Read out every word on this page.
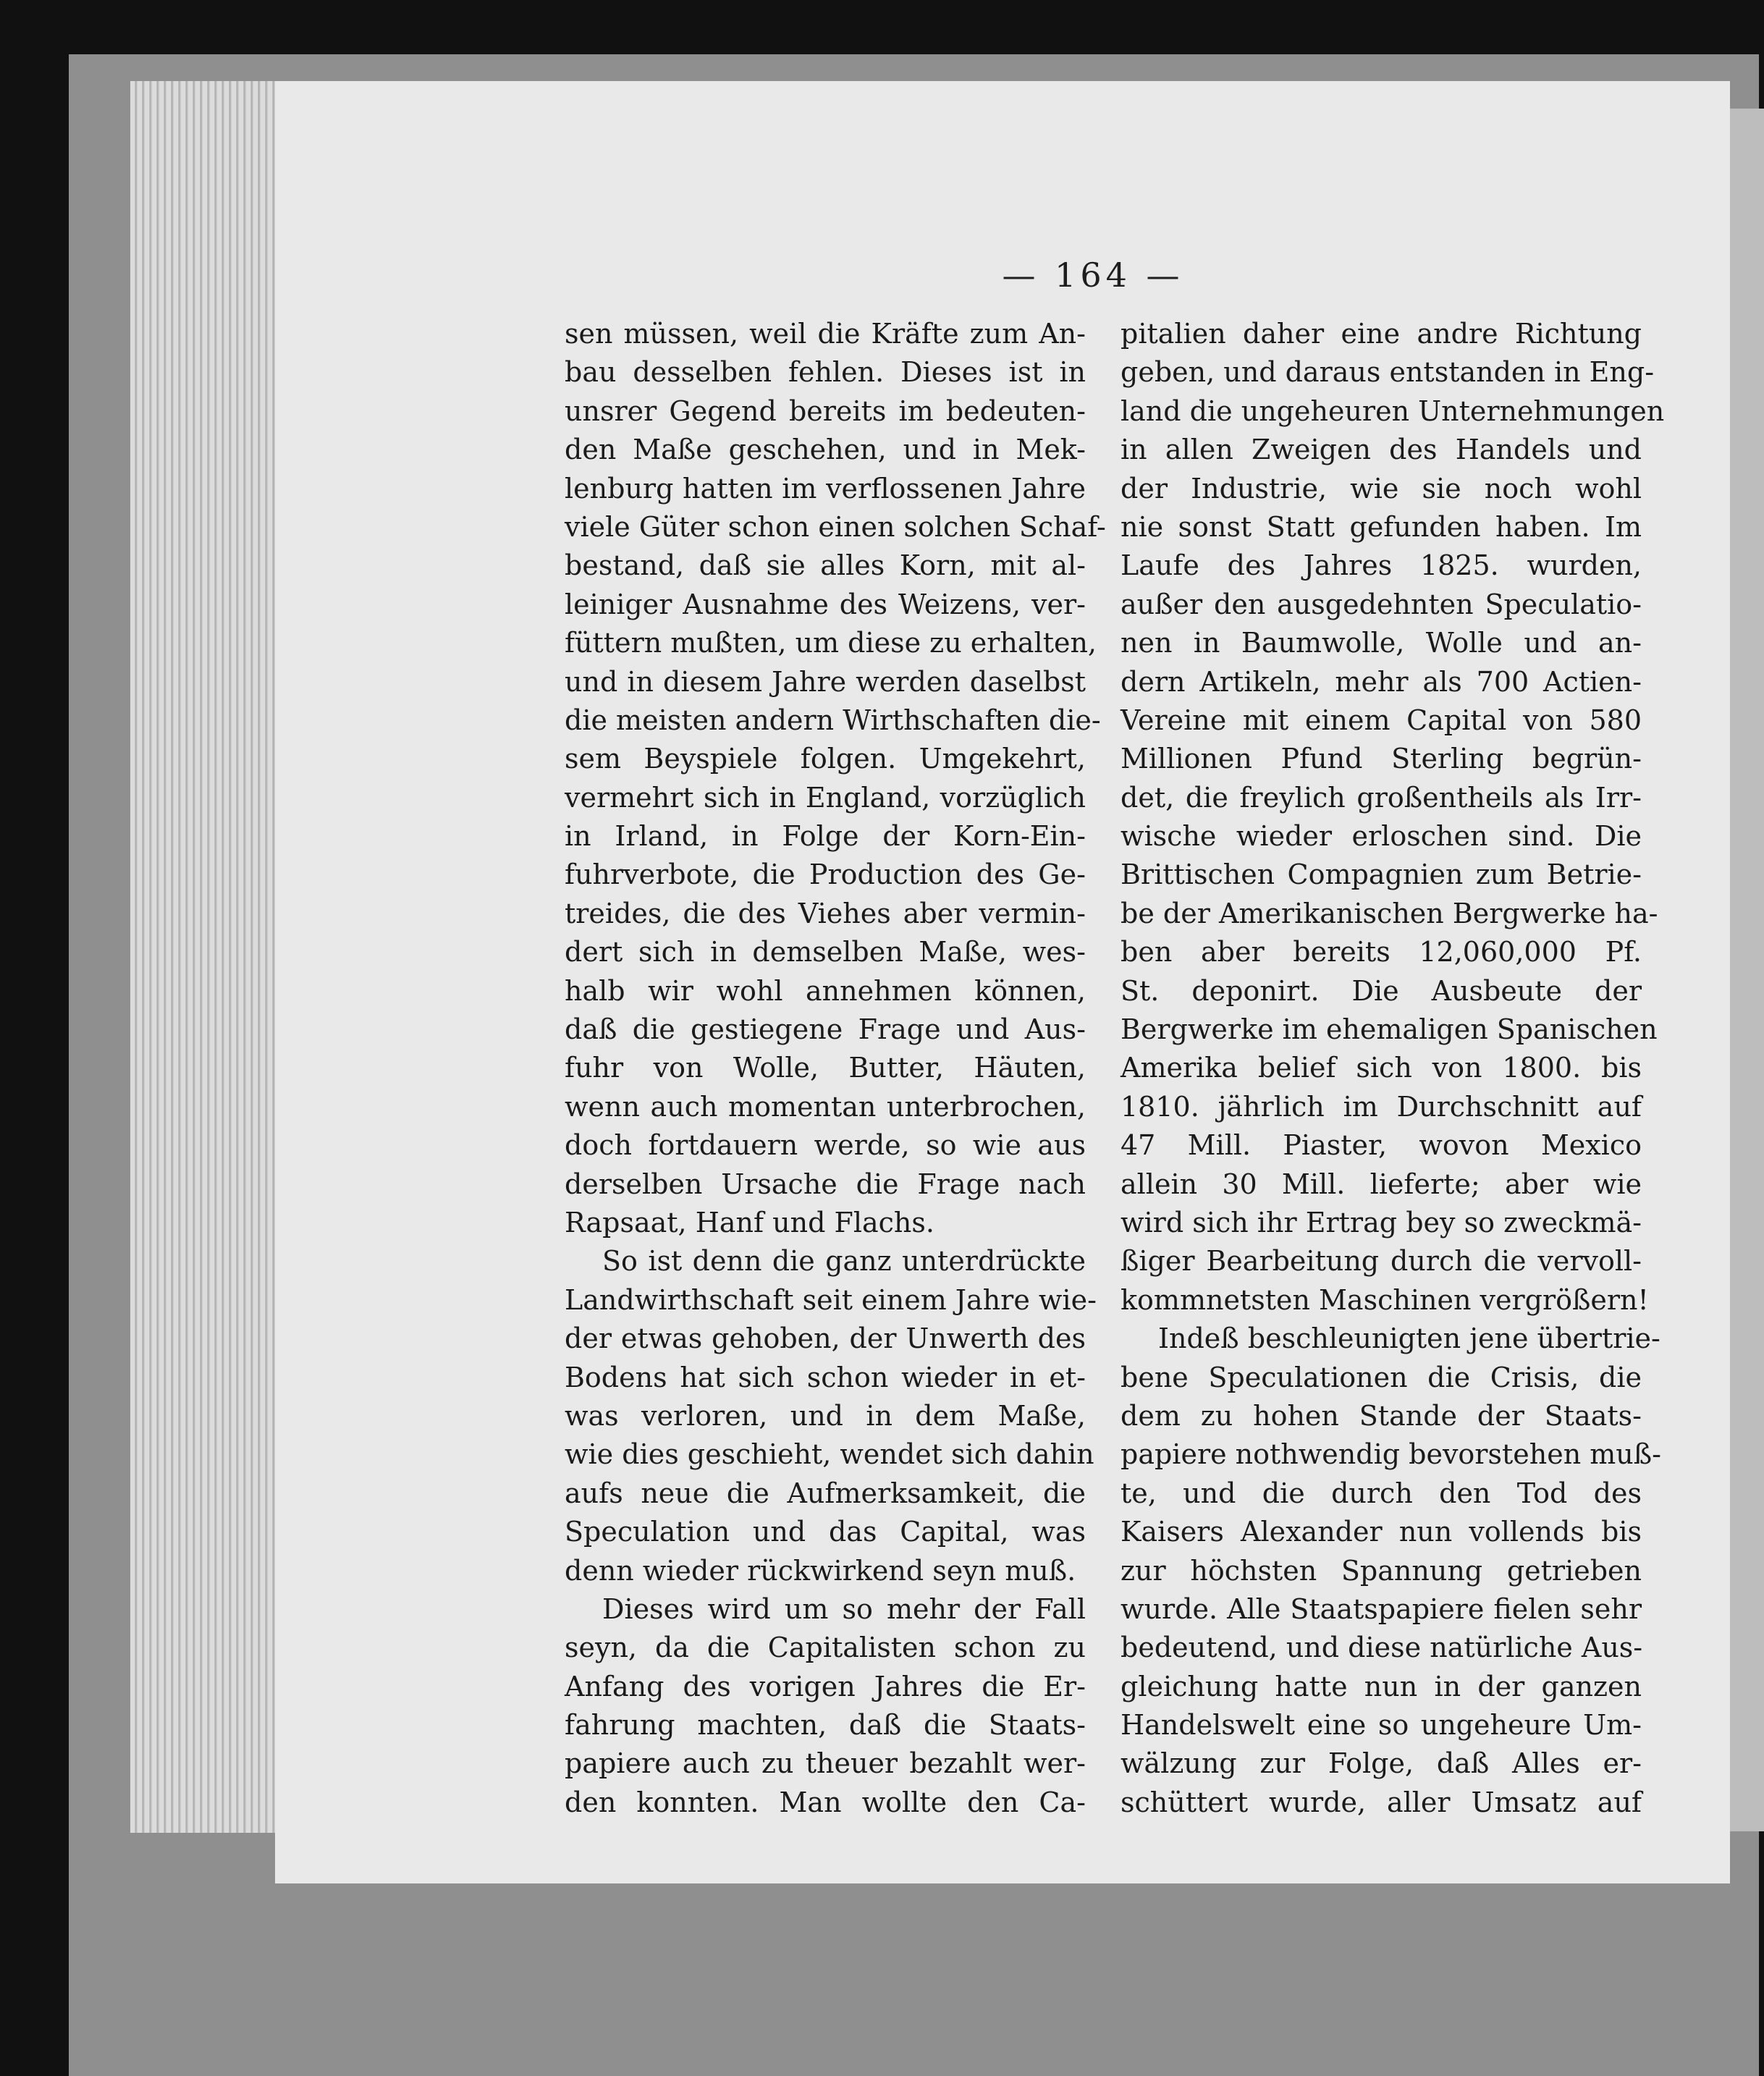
— 164 —
sen müssen, weil die Kräfte zum An-
bau desselben fehlen. Dieses ist in
unsrer Gegend bereits im bedeuten-
den Maße geschehen, und in Mek-
lenburg hatten im verflossenen Jahre
viele Güter schon einen solchen Schaf-
bestand, daß sie alles Korn, mit al-
leiniger Ausnahme des Weizens, ver-
füttern mußten, um diese zu erhalten,
und in diesem Jahre werden daselbst
die meisten andern Wirthschaften die-
sem Beyspiele folgen. Umgekehrt,
vermehrt sich in England, vorzüglich
in Irland, in Folge der Korn-Ein-
fuhrverbote, die Production des Ge-
treides, die des Viehes aber vermin-
dert sich in demselben Maße, wes-
halb wir wohl annehmen können,
daß die gestiegene Frage und Aus-
fuhr von Wolle, Butter, Häuten,
wenn auch momentan unterbrochen,
doch fortdauern werde, so wie aus
derselben Ursache die Frage nach
Rapsaat, Hanf und Flachs.
So ist denn die ganz unterdrückte
Landwirthschaft seit einem Jahre wie-
der etwas gehoben, der Unwerth des
Bodens hat sich schon wieder in et-
was verloren, und in dem Maße,
wie dies geschieht, wendet sich dahin
aufs neue die Aufmerksamkeit, die
Speculation und das Capital, was
denn wieder rückwirkend seyn muß.
Dieses wird um so mehr der Fall
seyn, da die Capitalisten schon zu
Anfang des vorigen Jahres die Er-
fahrung machten, daß die Staats-
papiere auch zu theuer bezahlt wer-
den konnten. Man wollte den Ca-
pitalien daher eine andre Richtung
geben, und daraus entstanden in Eng-
land die ungeheuren Unternehmungen
in allen Zweigen des Handels und
der Industrie, wie sie noch wohl
nie sonst Statt gefunden haben. Im
Laufe des Jahres 1825. wurden,
außer den ausgedehnten Speculatio-
nen in Baumwolle, Wolle und an-
dern Artikeln, mehr als 700 Actien-
Vereine mit einem Capital von 580
Millionen Pfund Sterling begrün-
det, die freylich großentheils als Irr-
wische wieder erloschen sind. Die
Brittischen Compagnien zum Betrie-
be der Amerikanischen Bergwerke ha-
ben aber bereits 12,060,000 Pf.
St. deponirt. Die Ausbeute der
Bergwerke im ehemaligen Spanischen
Amerika belief sich von 1800. bis
1810. jährlich im Durchschnitt auf
47 Mill. Piaster, wovon Mexico
allein 30 Mill. lieferte; aber wie
wird sich ihr Ertrag bey so zweckmä-
ßiger Bearbeitung durch die vervoll-
kommnetsten Maschinen vergrößern!
Indeß beschleunigten jene übertrie-
bene Speculationen die Crisis, die
dem zu hohen Stande der Staats-
papiere nothwendig bevorstehen muß-
te, und die durch den Tod des
Kaisers Alexander nun vollends bis
zur höchsten Spannung getrieben
wurde. Alle Staatspapiere fielen sehr
bedeutend, und diese natürliche Aus-
gleichung hatte nun in der ganzen
Handelswelt eine so ungeheure Um-
wälzung zur Folge, daß Alles er-
schüttert wurde, aller Umsatz auf
